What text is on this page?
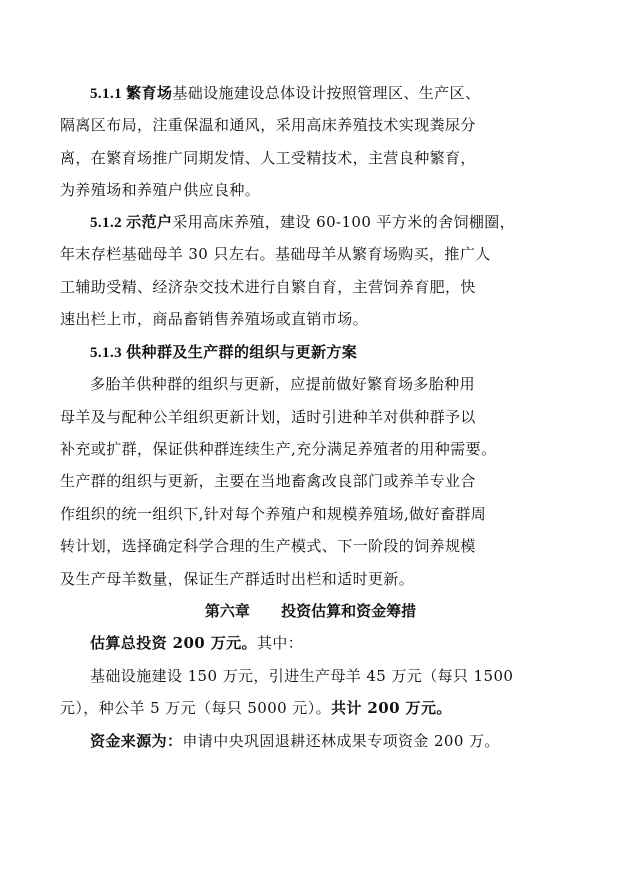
5.1.1 繁育场基础设施建设总体设计按照管理区、生产区、
隔离区布局，注重保温和通风，采用高床养殖技术实现粪尿分
离，在繁育场推广同期发情、人工受精技术，主营良种繁育，
为养殖场和养殖户供应良种。
5.1.2 示范户采用高床养殖，建设 60-100 平方米的舍饲棚圈，
年末存栏基础母羊 30 只左右。基础母羊从繁育场购买，推广人
工辅助受精、经济杂交技术进行自繁自育，主营饲养育肥，快
速出栏上市，商品畜销售养殖场或直销市场。
5.1.3 供种群及生产群的组织与更新方案
多胎羊供种群的组织与更新，应提前做好繁育场多胎种用
母羊及与配种公羊组织更新计划，适时引进种羊对供种群予以
补充或扩群，保证供种群连续生产,充分满足养殖者的用种需要。
生产群的组织与更新，主要在当地畜禽改良部门或养羊专业合
作组织的统一组织下,针对每个养殖户和规模养殖场,做好畜群周
转计划，选择确定科学合理的生产模式、下一阶段的饲养规模
及生产母羊数量，保证生产群适时出栏和适时更新。
第六章      投资估算和资金筹措
估算总投资 200 万元。其中：
基础设施建设 150 万元，引进生产母羊 45 万元（每只 1500
元），种公羊 5 万元（每只 5000 元）。共计 200 万元。
资金来源为：申请中央巩固退耕还林成果专项资金 200 万。
